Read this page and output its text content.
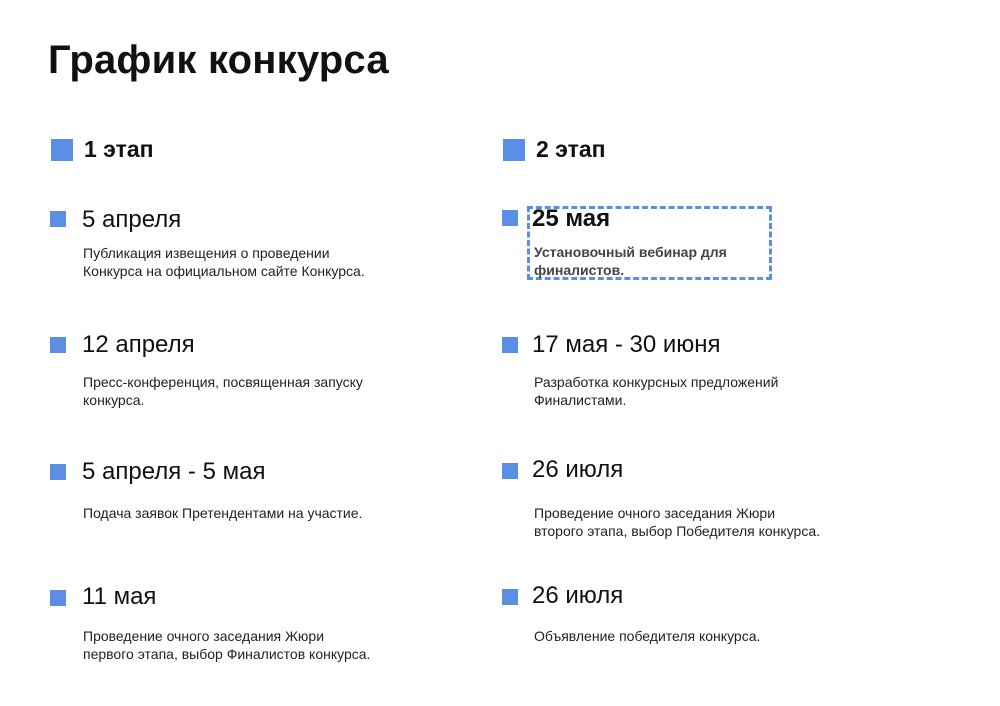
График конкурса
1 этап	2 этап
5 апреля
Публикация извещения о проведении Конкурса на официальном сайте Конкурса.
12 апреля
Пресс-конференция, посвященная запуску конкурса.
5 апреля - 5 мая
Подача заявок Претендентами на участие.
11 мая
Проведение очного заседания Жюри первого этапа, выбор Финалистов конкурса.
25 мая
Установочный вебинар для финалистов.
17 мая - 30 июня
Разработка конкурсных предложений Финалистами.
26 июля
Проведение очного заседания Жюри второго этапа, выбор Победителя конкурса.
26 июля
Объявление победителя конкурса.
